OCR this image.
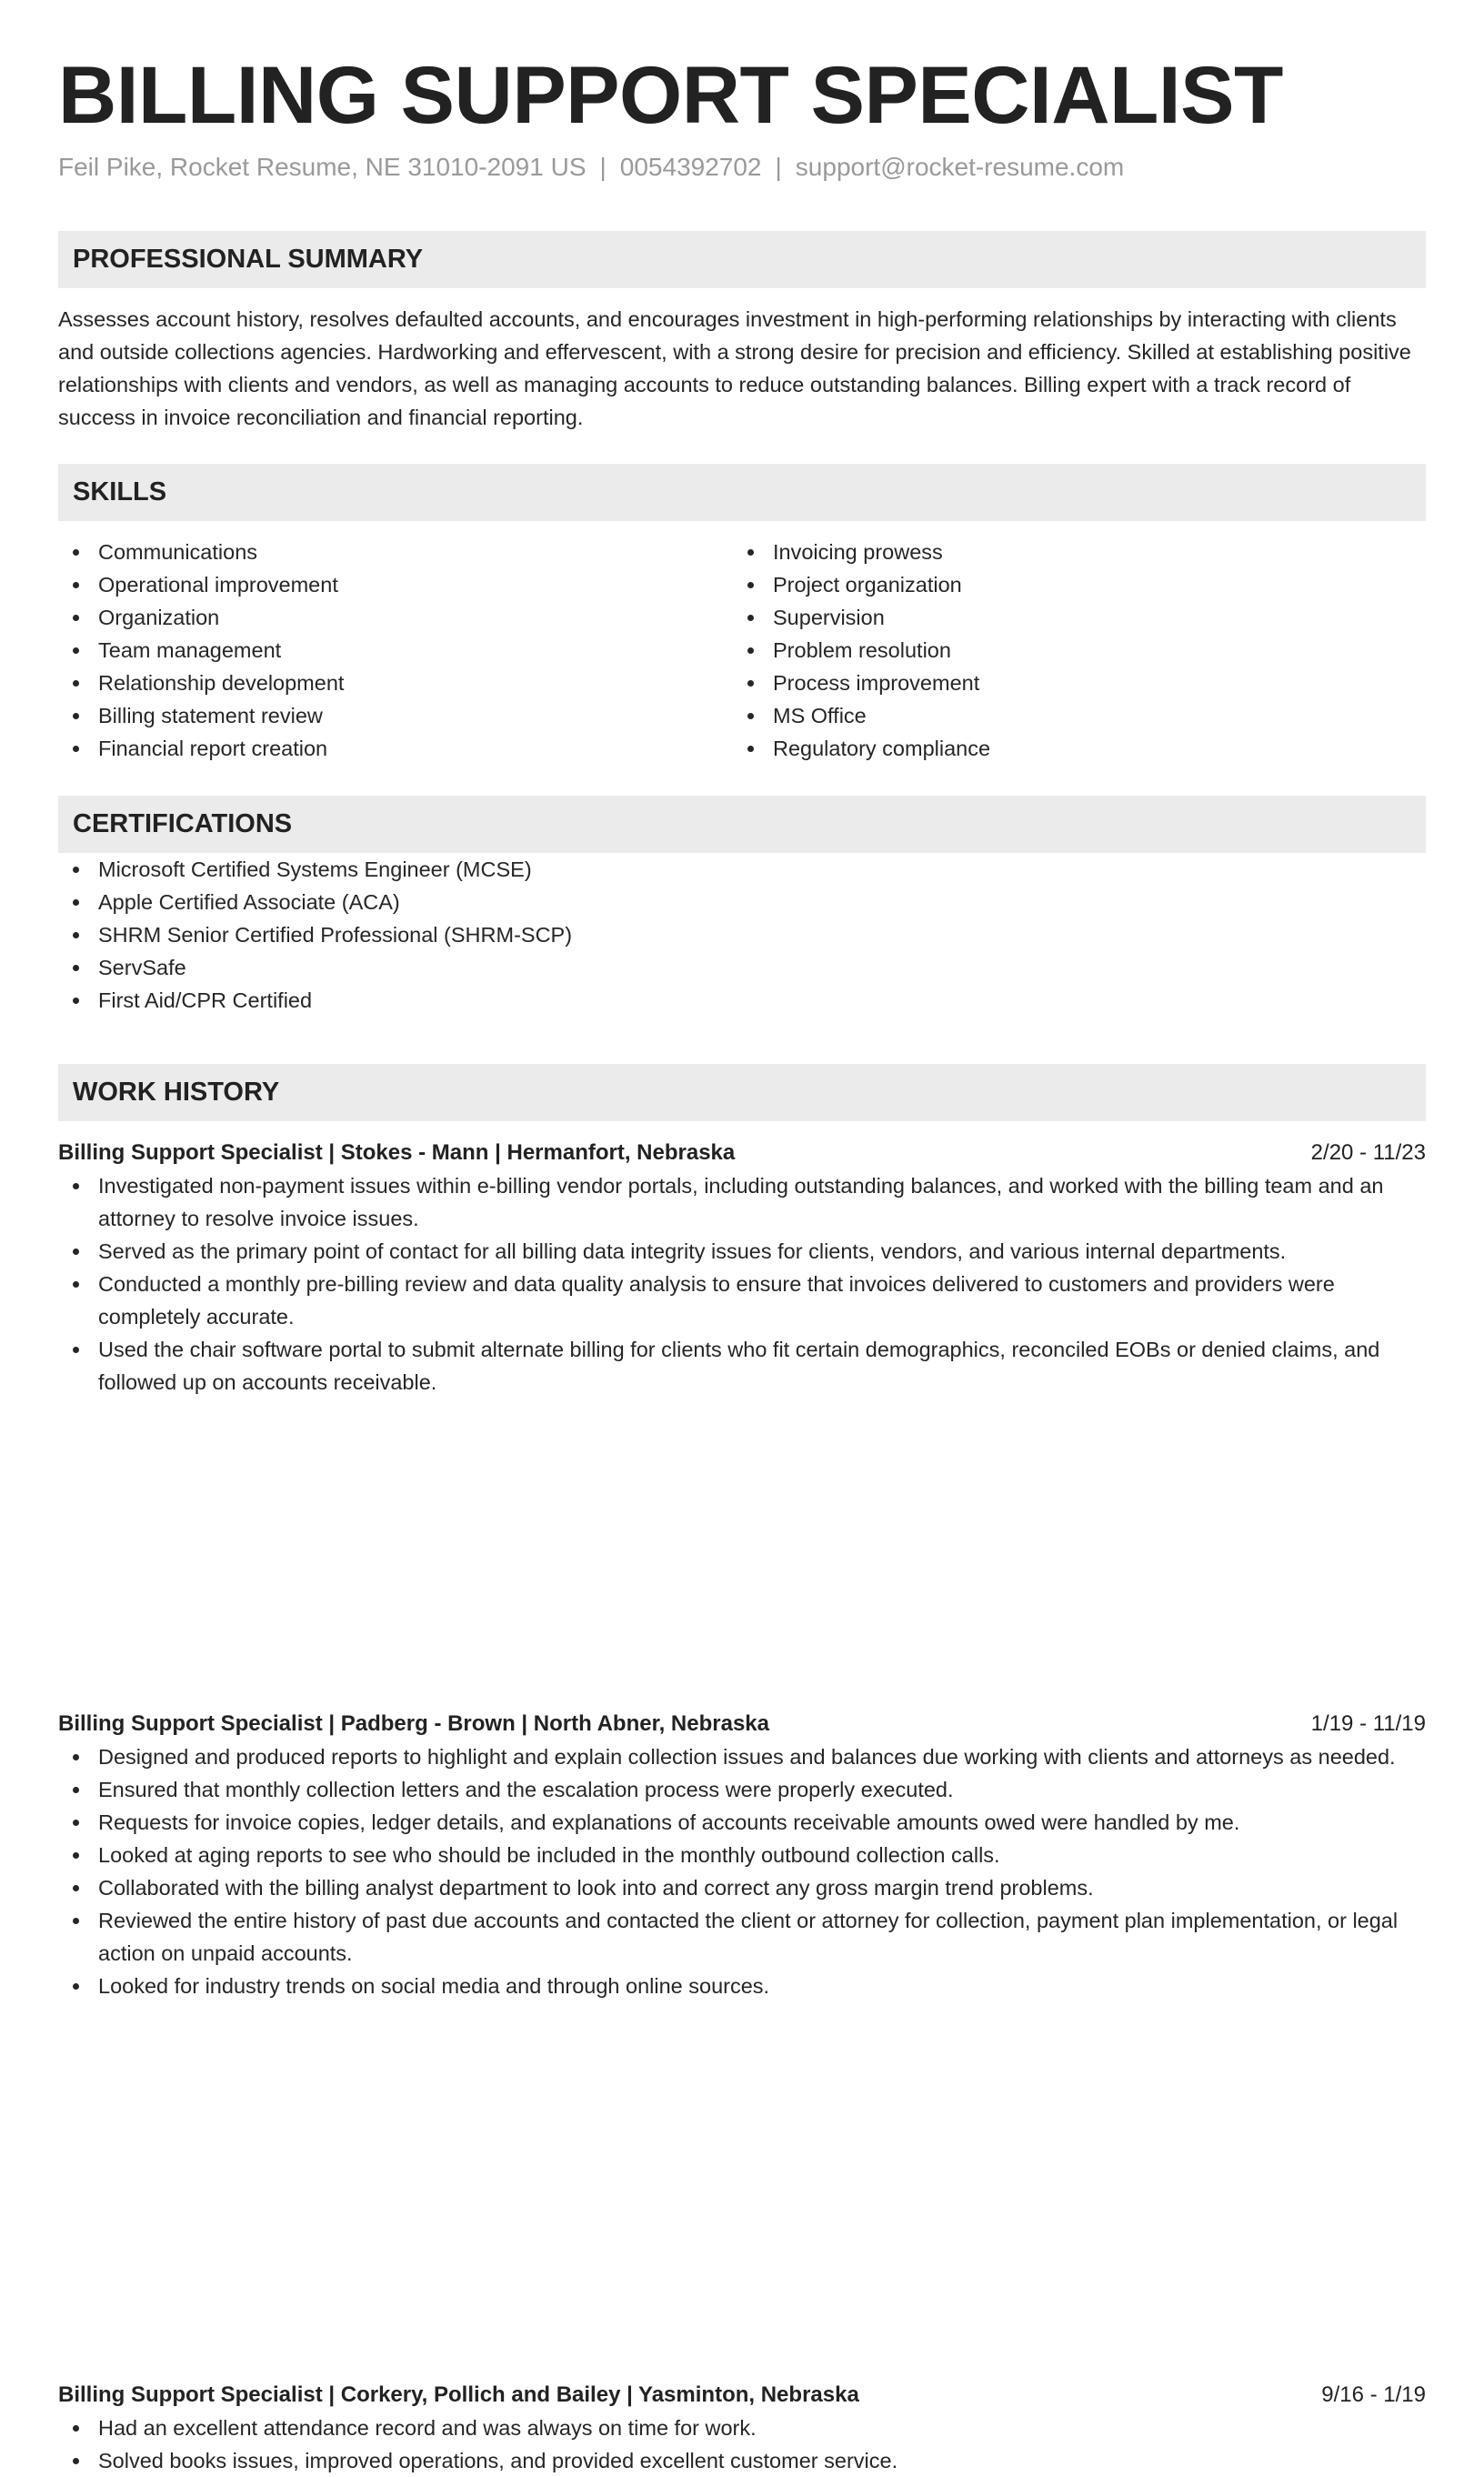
BILLING SUPPORT SPECIALIST
Feil Pike, Rocket Resume, NE 31010-2091 US | 0054392702 | support@rocket-resume.com
PROFESSIONAL SUMMARY
Assesses account history, resolves defaulted accounts, and encourages investment in high-performing relationships by interacting with clients and outside collections agencies. Hardworking and effervescent, with a strong desire for precision and efficiency. Skilled at establishing positive relationships with clients and vendors, as well as managing accounts to reduce outstanding balances. Billing expert with a track record of success in invoice reconciliation and financial reporting.
SKILLS
Communications
Operational improvement
Organization
Team management
Relationship development
Billing statement review
Financial report creation
Invoicing prowess
Project organization
Supervision
Problem resolution
Process improvement
MS Office
Regulatory compliance
CERTIFICATIONS
Microsoft Certified Systems Engineer (MCSE)
Apple Certified Associate (ACA)
SHRM Senior Certified Professional (SHRM-SCP)
ServSafe
First Aid/CPR Certified
WORK HISTORY
Billing Support Specialist | Stokes - Mann | Hermanfort, Nebraska	2/20 - 11/23
Investigated non-payment issues within e-billing vendor portals, including outstanding balances, and worked with the billing team and an attorney to resolve invoice issues.
Served as the primary point of contact for all billing data integrity issues for clients, vendors, and various internal departments.
Conducted a monthly pre-billing review and data quality analysis to ensure that invoices delivered to customers and providers were completely accurate.
Used the chair software portal to submit alternate billing for clients who fit certain demographics, reconciled EOBs or denied claims, and followed up on accounts receivable.
Billing Support Specialist | Padberg - Brown | North Abner, Nebraska	1/19 - 11/19
Designed and produced reports to highlight and explain collection issues and balances due working with clients and attorneys as needed.
Ensured that monthly collection letters and the escalation process were properly executed.
Requests for invoice copies, ledger details, and explanations of accounts receivable amounts owed were handled by me.
Looked at aging reports to see who should be included in the monthly outbound collection calls.
Collaborated with the billing analyst department to look into and correct any gross margin trend problems.
Reviewed the entire history of past due accounts and contacted the client or attorney for collection, payment plan implementation, or legal action on unpaid accounts.
Looked for industry trends on social media and through online sources.
Billing Support Specialist | Corkery, Pollich and Bailey | Yasminton, Nebraska	9/16 - 1/19
Had an excellent attendance record and was always on time for work.
Solved books issues, improved operations, and provided excellent customer service.
